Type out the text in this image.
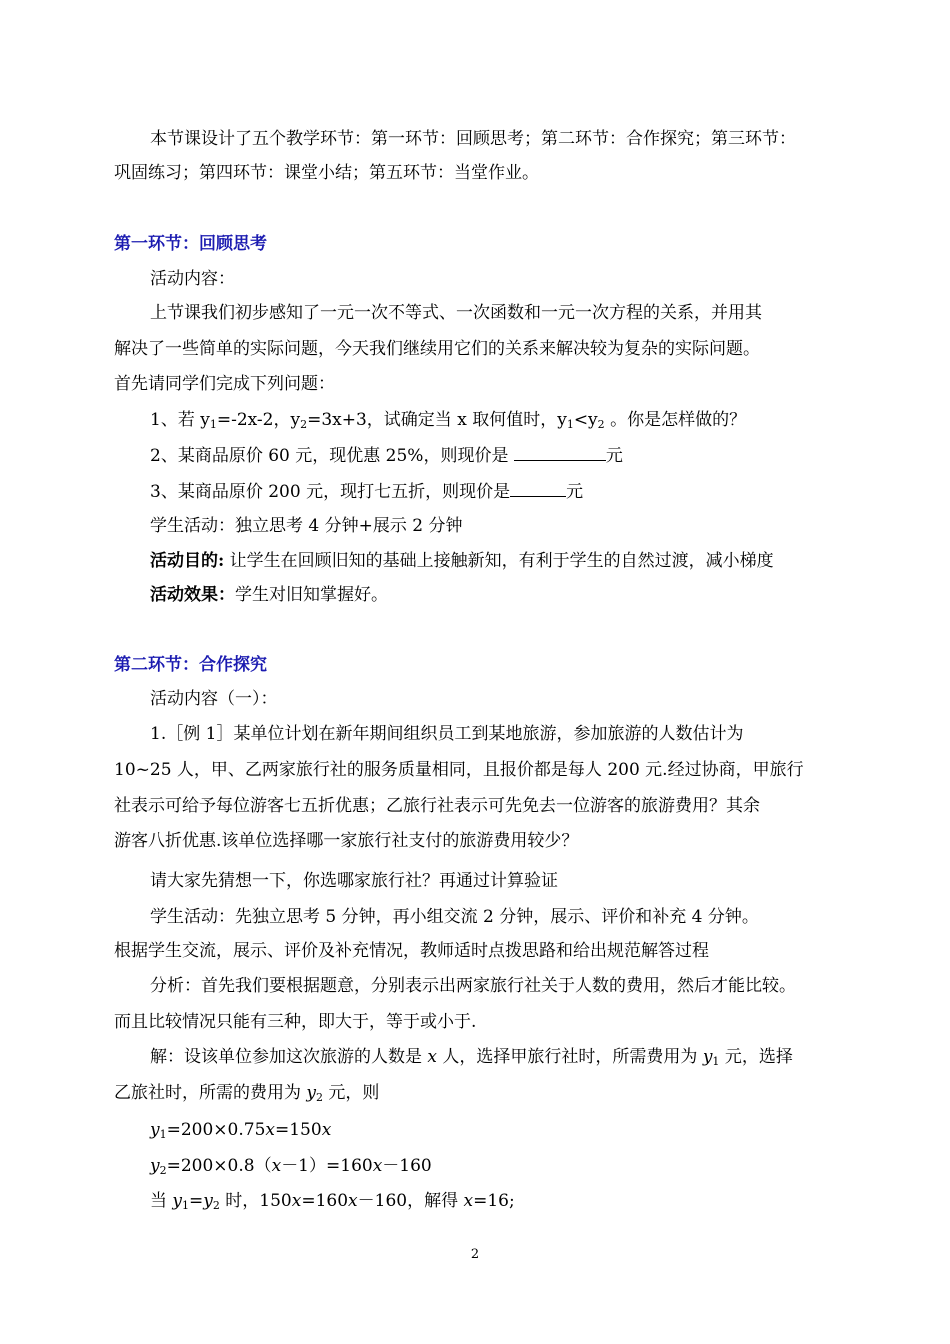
本节课设计了五个教学环节：第一环节：回顾思考；第二环节：合作探究；第三环节：
巩固练习；第四环节：课堂小结；第五环节：当堂作业。
第一环节：回顾思考
活动内容：
上节课我们初步感知了一元一次不等式、一次函数和一元一次方程的关系，并用其
解决了一些简单的实际问题，今天我们继续用它们的关系来解决较为复杂的实际问题。
首先请同学们完成下列问题：
1、若 $y_1=-2x-2$，$y_2=3x+3$，试确定当 x 取何值时，$y_1<y_2$ 。你是怎样做的？
2、某商品原价 60 元，现优惠 25%，则现价是	元
3、某商品原价 200 元，现打七五折，则现价是	元
学生活动：独立思考 4 分钟+展示 2 分钟
活动目的: 让学生在回顾旧知的基础上接触新知，有利于学生的自然过渡，减小梯度
活动效果：学生对旧知掌握好。
第二环节：合作探究
活动内容（一）：
1.［例 1］某单位计划在新年期间组织员工到某地旅游，参加旅游的人数估计为
10~25 人，甲、乙两家旅行社的服务质量相同，且报价都是每人 200 元.经过协商，甲旅行
社表示可给予每位游客七五折优惠；乙旅行社表示可先免去一位游客的旅游费用？其余
游客八折优惠.该单位选择哪一家旅行社支付的旅游费用较少？
请大家先猜想一下，你选哪家旅行社？再通过计算验证
学生活动：先独立思考 5 分钟，再小组交流 2 分钟，展示、评价和补充 4 分钟。
根据学生交流，展示、评价及补充情况，教师适时点拨思路和给出规范解答过程
分析：首先我们要根据题意，分别表示出两家旅行社关于人数的费用，然后才能比较。
而且比较情况只能有三种，即大于，等于或小于.
解：设该单位参加这次旅游的人数是 x 人，选择甲旅行社时，所需费用为 $y_1$ 元，选择
乙旅社时，所需的费用为 $y_2$ 元，则
$y_1=200\times 0.75x=150x$
$y_2=200\times 0.8(x-1)=160x-160$
当 $y_1=y_2$ 时，150x=160x－160，解得 x=16;
2
